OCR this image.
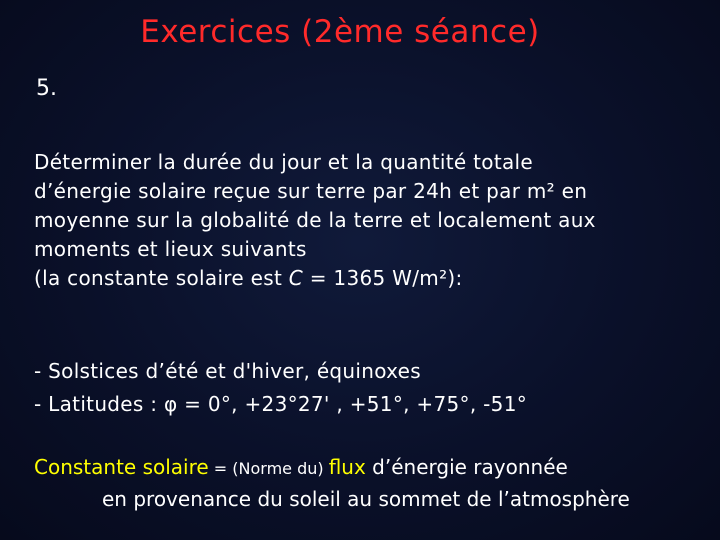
Exercices (2ème séance)
5.
Déterminer la durée du jour et la quantité totale
d’énergie solaire reçue sur terre par 24h et par m² en
moyenne sur la globalité de la terre et localement aux
moments et lieux suivants
(la constante solaire est C = 1365 W/m²):
- Solstices d’été et d'hiver, équinoxes
- Latitudes : φ = 0°, +23°27' , +51°, +75°, -51°
Constante solaire = (Norme du) flux d’énergie rayonnée
en provenance du soleil au sommet de l’atmosphère
